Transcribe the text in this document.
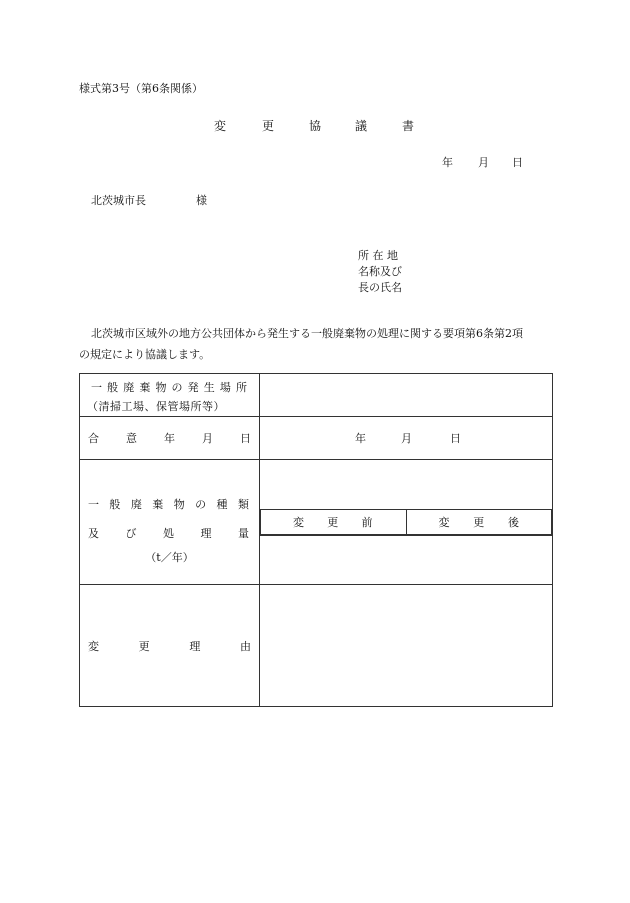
様式第3号（第6条関係）
変	更	協	議	書
年 月 日
北茨城市長	様
所 在 地
名称及び
長の氏名
北茨城市区域外の地方公共団体から発生する一般廃棄物の処理に関する要項第6条第2項
の規定により協議します。
一 般 廃 棄 物 の 発 生 場 所
（清掃工場、保管場所等）

合 意 年 月 日	年	月	日

一 般 廃 棄 物 の 種 類
及 び 処 理 量
（t／年）

変 更 前	変 更 後

変	更	理	由
